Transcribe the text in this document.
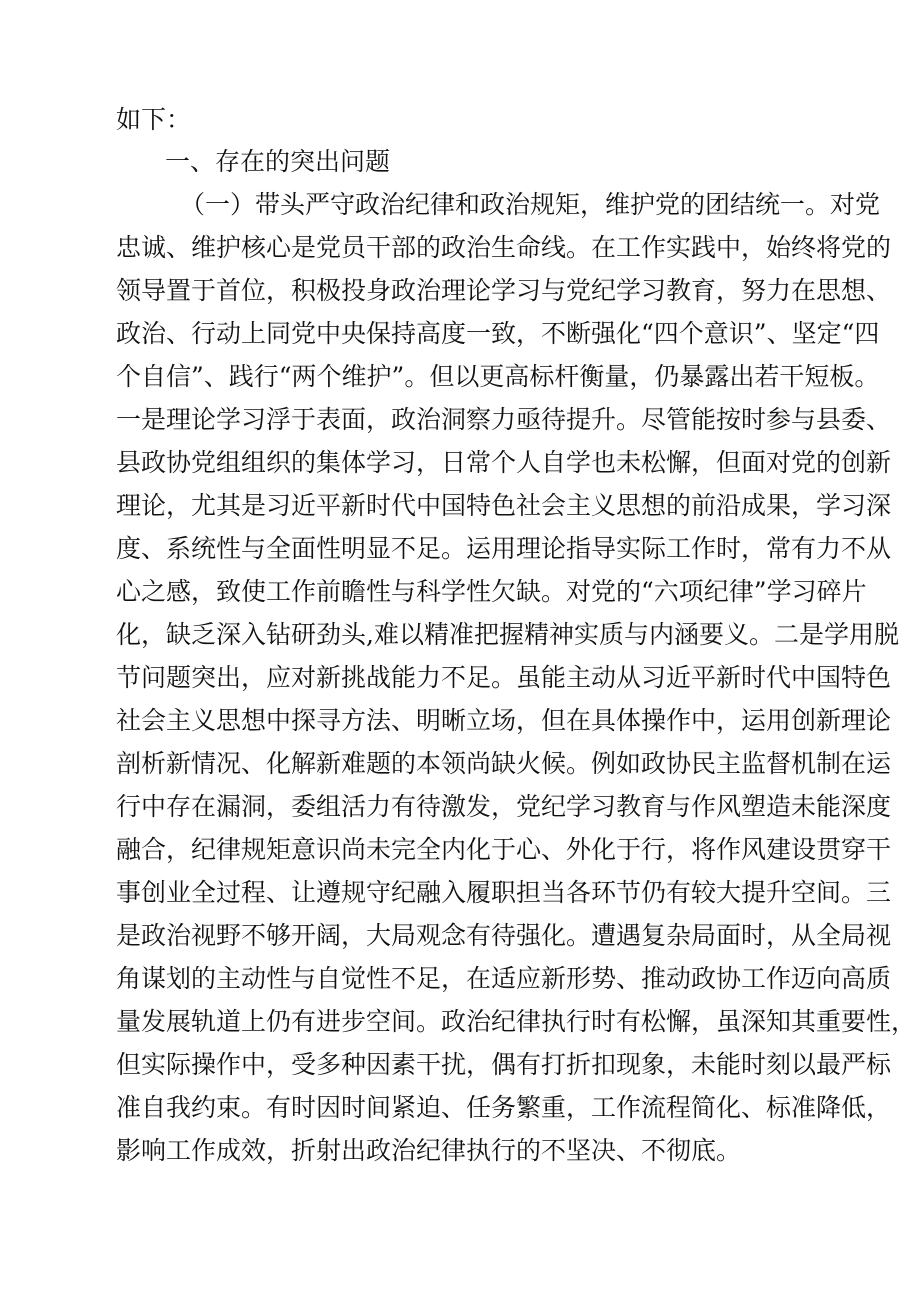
如下：
一、存在的突出问题
（一）带头严守政治纪律和政治规矩，维护党的团结统一。对党
忠诚、维护核心是党员干部的政治生命线。在工作实践中，始终将党的
领导置于首位，积极投身政治理论学习与党纪学习教育，努力在思想、
政治、行动上同党中央保持高度一致，不断强化“四个意识”、坚定“四
个自信”、践行“两个维护”。但以更高标杆衡量，仍暴露出若干短板。
一是理论学习浮于表面，政治洞察力亟待提升。尽管能按时参与县委、
县政协党组组织的集体学习，日常个人自学也未松懈，但面对党的创新
理论，尤其是习近平新时代中国特色社会主义思想的前沿成果，学习深
度、系统性与全面性明显不足。运用理论指导实际工作时，常有力不从
心之感，致使工作前瞻性与科学性欠缺。对党的“六项纪律”学习碎片
化，缺乏深入钻研劲头,难以精准把握精神实质与内涵要义。二是学用脱
节问题突出，应对新挑战能力不足。虽能主动从习近平新时代中国特色
社会主义思想中探寻方法、明晰立场，但在具体操作中，运用创新理论
剖析新情况、化解新难题的本领尚缺火候。例如政协民主监督机制在运
行中存在漏洞，委组活力有待激发，党纪学习教育与作风塑造未能深度
融合，纪律规矩意识尚未完全内化于心、外化于行，将作风建设贯穿干
事创业全过程、让遵规守纪融入履职担当各环节仍有较大提升空间。三
是政治视野不够开阔，大局观念有待强化。遭遇复杂局面时，从全局视
角谋划的主动性与自觉性不足，在适应新形势、推动政协工作迈向高质
量发展轨道上仍有进步空间。政治纪律执行时有松懈，虽深知其重要性，
但实际操作中，受多种因素干扰，偶有打折扣现象，未能时刻以最严标
准自我约束。有时因时间紧迫、任务繁重，工作流程简化、标准降低，
影响工作成效，折射出政治纪律执行的不坚决、不彻底。
